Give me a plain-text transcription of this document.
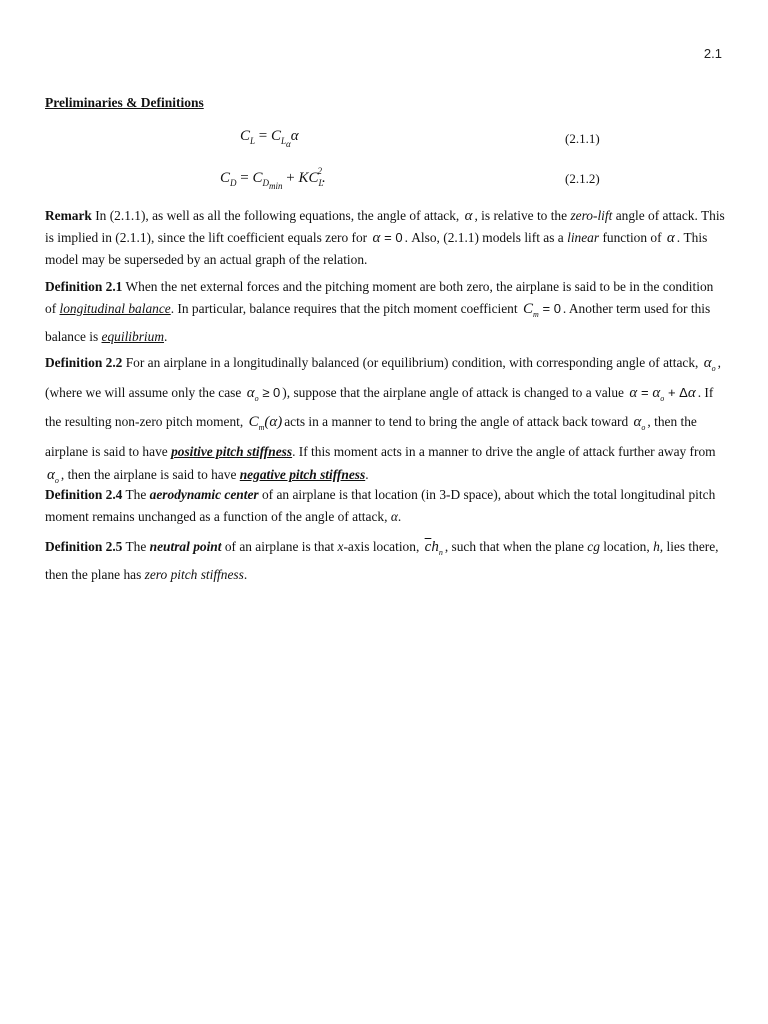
2.1
Preliminaries & Definitions
$C_L = C_{L_\alpha}\alpha$	(2.1.1)
$C_D = C_{D_{min}} + KC_L^2$.	(2.1.2)
Remark In (2.1.1), as well as all the following equations, the angle of attack, α , is relative to the zero-lift angle of attack. This is implied in (2.1.1), since the lift coefficient equals zero for α = 0 . Also, (2.1.1) models lift as a linear function of α . This model may be superseded by an actual graph of the relation.
Definition 2.1 When the net external forces and the pitching moment are both zero, the airplane is said to be in the condition of longitudinal balance. In particular, balance requires that the pitch moment coefficient $C_m = 0$ . Another term used for this balance is equilibrium.
Definition 2.2 For an airplane in a longitudinally balanced (or equilibrium) condition, with corresponding angle of attack, $\alpha_o$ , (where we will assume only the case $\alpha_o \ge 0$ ), suppose that the airplane angle of attack is changed to a value $\alpha = \alpha_o + \Delta\alpha$ . If the resulting non-zero pitch moment, $C_m(\alpha)$ acts in a manner to tend to bring the angle of attack back toward $\alpha_o$ , then the airplane is said to have positive pitch stiffness. If this moment acts in a manner to drive the angle of attack further away from $\alpha_o$ , then the airplane is said to have negative pitch stiffness.
Definition 2.4 The aerodynamic center of an airplane is that location (in 3-D space), about which the total longitudinal pitch moment remains unchanged as a function of the angle of attack, α.
Definition 2.5 The neutral point of an airplane is that x-axis location, $\overline{c}h_n$ , such that when the plane cg location, h, lies there, then the plane has zero pitch stiffness.
